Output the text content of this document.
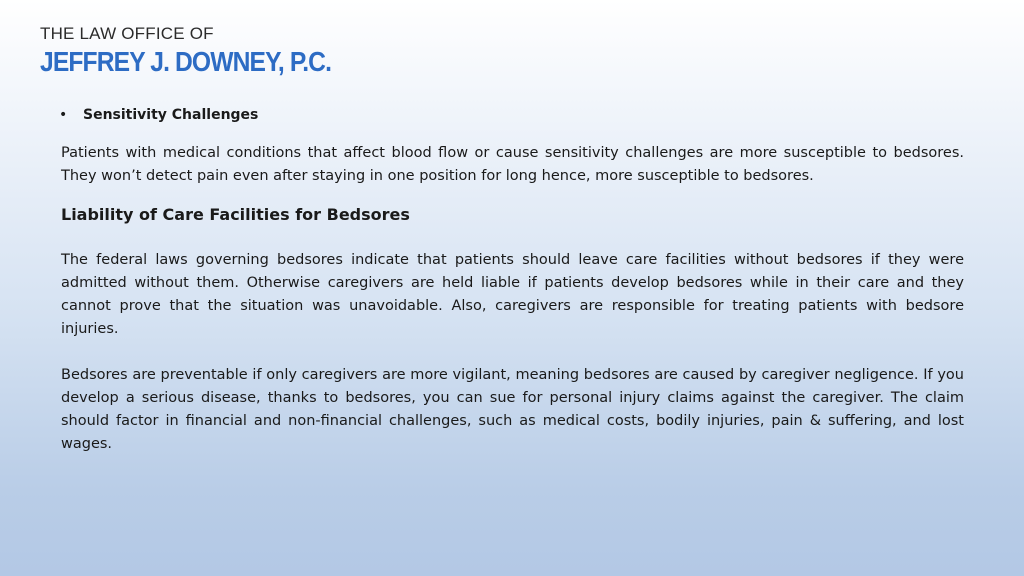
THE LAW OFFICE OF
JEFFREY J. DOWNEY, P.C.
•	Sensitivity Challenges

Patients with medical conditions that affect blood flow or cause sensitivity challenges are more susceptible to bedsores. They won’t detect pain even after staying in one position for long hence, more susceptible to bedsores.

Liability of Care Facilities for Bedsores

The federal laws governing bedsores indicate that patients should leave care facilities without bedsores if they were admitted without them. Otherwise caregivers are held liable if patients develop bedsores while in their care and they cannot prove that the situation was unavoidable. Also, caregivers are responsible for treating patients with bedsore injuries.

Bedsores are preventable if only caregivers are more vigilant, meaning bedsores are caused by caregiver negligence. If you develop a serious disease, thanks to bedsores, you can sue for personal injury claims against the caregiver. The claim should factor in financial and non-financial challenges, such as medical costs, bodily injuries, pain & suffering, and lost wages.
